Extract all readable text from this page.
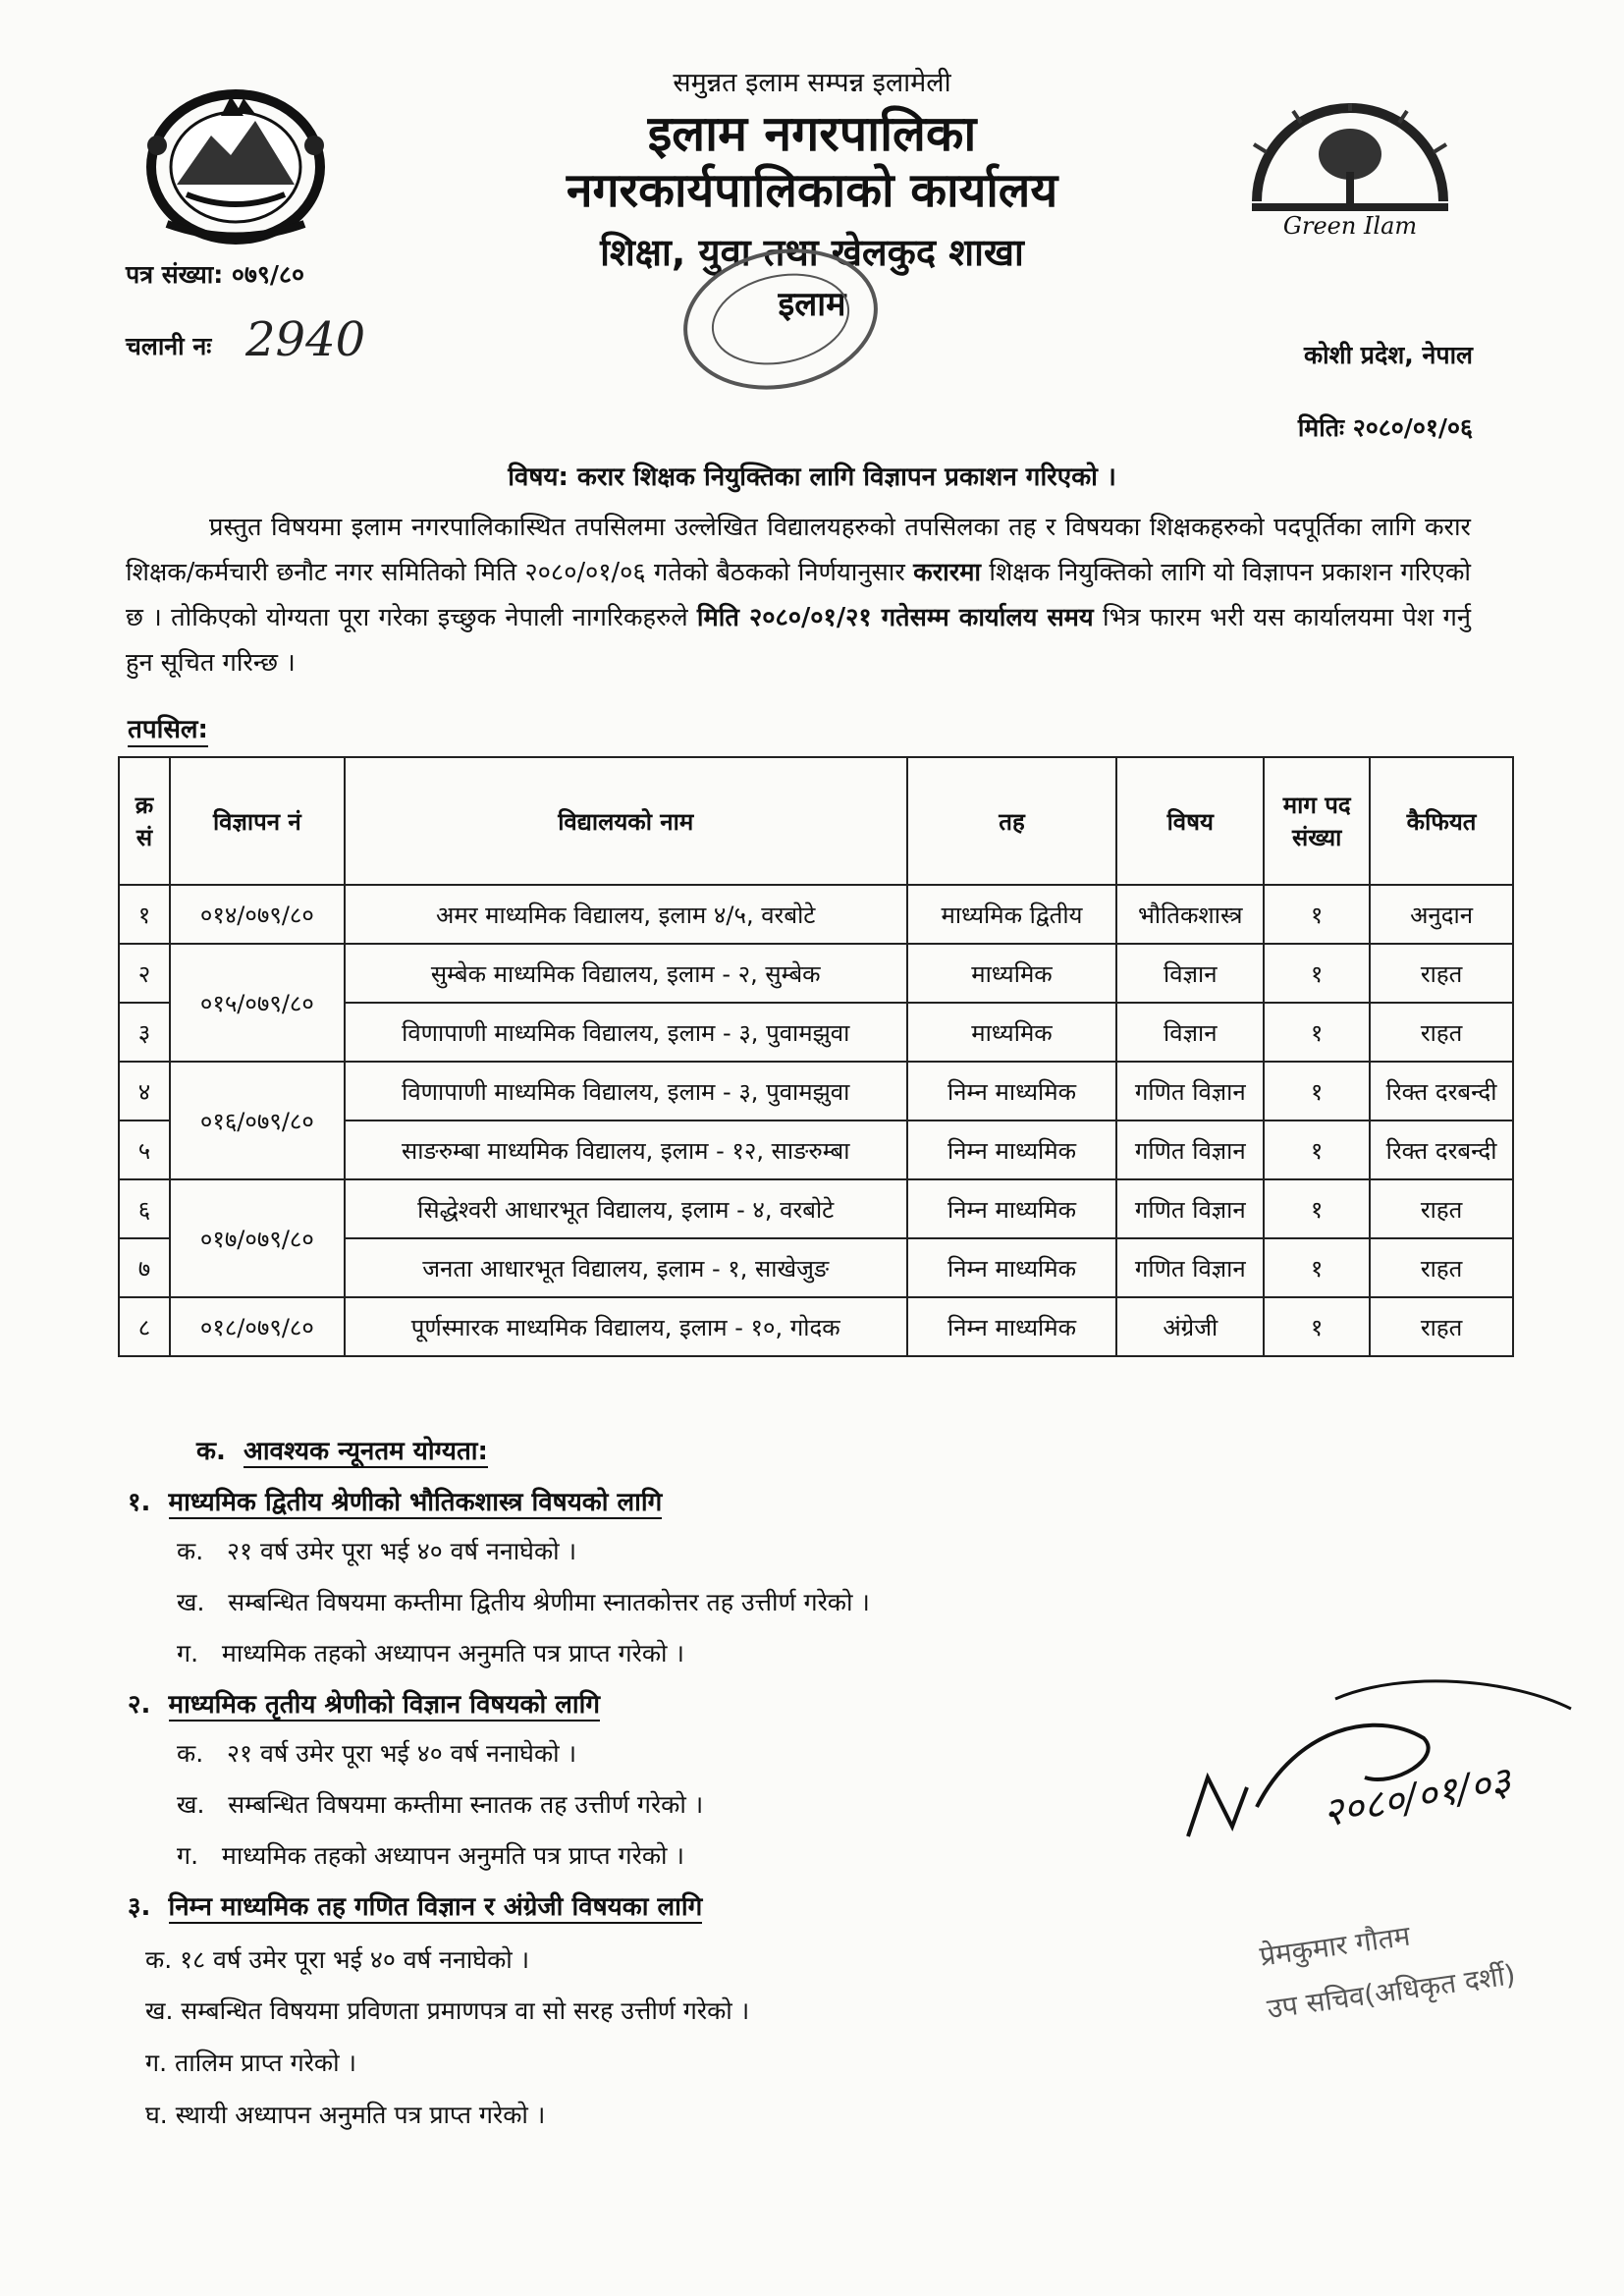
समुन्नत इलाम सम्पन्न इलामेली
इलाम नगरपालिका
नगरकार्यपालिकाको कार्यालय
शिक्षा, युवा तथा खेलकुद शाखा
इलाम
Green Ilam
पत्र संख्या: ०७९/८०
चलानी नः 2940	कोशी प्रदेश, नेपाल
मितिः २०८०/०१/०६
विषय: करार शिक्षक नियुक्तिका लागि विज्ञापन प्रकाशन गरिएको ।
प्रस्तुत विषयमा इलाम नगरपालिकास्थित तपसिलमा उल्लेखित विद्यालयहरुको तपसिलका तह र विषयका शिक्षकहरुको पदपूर्तिका लागि करार शिक्षक/कर्मचारी छनौट नगर समितिको मिति २०८०/०१/०६ गतेको बैठकको निर्णयानुसार करारमा शिक्षक नियुक्तिको लागि यो विज्ञापन प्रकाशन गरिएको छ । तोकिएको योग्यता पूरा गरेका इच्छुक नेपाली नागरिकहरुले मिति २०८०/०१/२१ गतेसम्म कार्यालय समय भित्र फारम भरी यस कार्यालयमा पेश गर्नु हुन सूचित गरिन्छ ।
तपसिल:
क्र सं	विज्ञापन नं	विद्यालयको नाम	तह	विषय	माग पद संख्या	कैफियत
१	०१४/०७९/८०	अमर माध्यमिक विद्यालय, इलाम ४/५, वरबोटे	माध्यमिक द्वितीय	भौतिकशास्त्र	१	अनुदान
२	०१५/०७९/८०	सुम्बेक माध्यमिक विद्यालय, इलाम - २, सुम्बेक	माध्यमिक	विज्ञान	१	राहत
३		विणापाणी माध्यमिक विद्यालय, इलाम - ३, पुवामझुवा	माध्यमिक	विज्ञान	१	राहत
४	०१६/०७९/८०	विणापाणी माध्यमिक विद्यालय, इलाम - ३, पुवामझुवा	निम्न माध्यमिक	गणित विज्ञान	१	रिक्त दरबन्दी
५		साङरुम्बा माध्यमिक विद्यालय, इलाम - १२, साङरुम्बा	निम्न माध्यमिक	गणित विज्ञान	१	रिक्त दरबन्दी
६	०१७/०७९/८०	सिद्धेश्वरी आधारभूत विद्यालय, इलाम - ४, वरबोटे	निम्न माध्यमिक	गणित विज्ञान	१	राहत
७		जनता आधारभूत विद्यालय, इलाम - १, साखेजुङ	निम्न माध्यमिक	गणित विज्ञान	१	राहत
८	०१८/०७९/८०	पूर्णस्मारक माध्यमिक विद्यालय, इलाम - १०, गोदक	निम्न माध्यमिक	अंग्रेजी	१	राहत
क. आवश्यक न्यूनतम योग्यता:
१. माध्यमिक द्वितीय श्रेणीको भौतिकशास्त्र विषयको लागि
क. २१ वर्ष उमेर पूरा भई ४० वर्ष ननाघेको ।
ख. सम्बन्धित विषयमा कम्तीमा द्वितीय श्रेणीमा स्नातकोत्तर तह उत्तीर्ण गरेको ।
ग. माध्यमिक तहको अध्यापन अनुमति पत्र प्राप्त गरेको ।
२. माध्यमिक तृतीय श्रेणीको विज्ञान विषयको लागि
क. २१ वर्ष उमेर पूरा भई ४० वर्ष ननाघेको ।
ख. सम्बन्धित विषयमा कम्तीमा स्नातक तह उत्तीर्ण गरेको ।
ग. माध्यमिक तहको अध्यापन अनुमति पत्र प्राप्त गरेको ।
३. निम्न माध्यमिक तह गणित विज्ञान र अंग्रेजी विषयका लागि
क. १८ वर्ष उमेर पूरा भई ४० वर्ष ननाघेको ।
ख. सम्बन्धित विषयमा प्रविणता प्रमाणपत्र वा सो सरह उत्तीर्ण गरेको ।
ग. तालिम प्राप्त गरेको ।
घ. स्थायी अध्यापन अनुमति पत्र प्राप्त गरेको ।
२०८०/०१/०३
प्रेमकुमार गौतम
उप सचिव(अधिकृत दर्शी)
